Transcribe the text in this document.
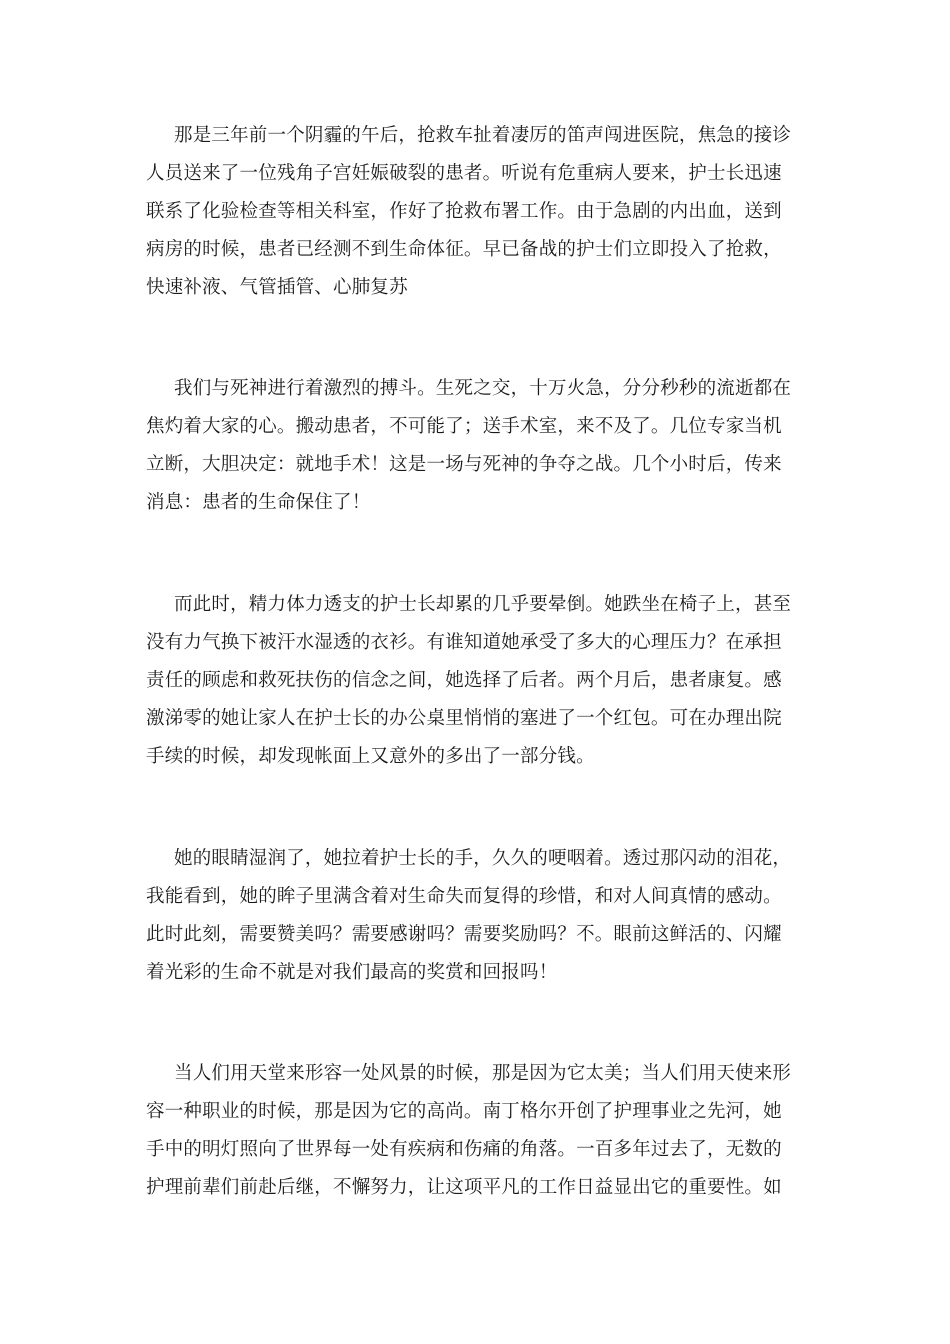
那是三年前一个阴霾的午后，抢救车扯着凄厉的笛声闯进医院，焦急的接诊
人员送来了一位残角子宫妊娠破裂的患者。听说有危重病人要来，护士长迅速
联系了化验检查等相关科室，作好了抢救布署工作。由于急剧的内出血，送到
病房的时候，患者已经测不到生命体征。早已备战的护士们立即投入了抢救，
快速补液、气管插管、心肺复苏

我们与死神进行着激烈的搏斗。生死之交，十万火急，分分秒秒的流逝都在
焦灼着大家的心。搬动患者，不可能了；送手术室，来不及了。几位专家当机
立断，大胆决定：就地手术！这是一场与死神的争夺之战。几个小时后，传来
消息：患者的生命保住了！

而此时，精力体力透支的护士长却累的几乎要晕倒。她跌坐在椅子上，甚至
没有力气换下被汗水湿透的衣衫。有谁知道她承受了多大的心理压力？在承担
责任的顾虑和救死扶伤的信念之间，她选择了后者。两个月后，患者康复。感
激涕零的她让家人在护士长的办公桌里悄悄的塞进了一个红包。可在办理出院
手续的时候，却发现帐面上又意外的多出了一部分钱。

她的眼睛湿润了，她拉着护士长的手，久久的哽咽着。透过那闪动的泪花，
我能看到，她的眸子里满含着对生命失而复得的珍惜，和对人间真情的感动。
此时此刻，需要赞美吗？需要感谢吗？需要奖励吗？不。眼前这鲜活的、闪耀
着光彩的生命不就是对我们最高的奖赏和回报吗！

当人们用天堂来形容一处风景的时候，那是因为它太美；当人们用天使来形
容一种职业的时候，那是因为它的高尚。南丁格尔开创了护理事业之先河，她
手中的明灯照向了世界每一处有疾病和伤痛的角落。一百多年过去了，无数的
护理前辈们前赴后继，不懈努力，让这项平凡的工作日益显出它的重要性。如
